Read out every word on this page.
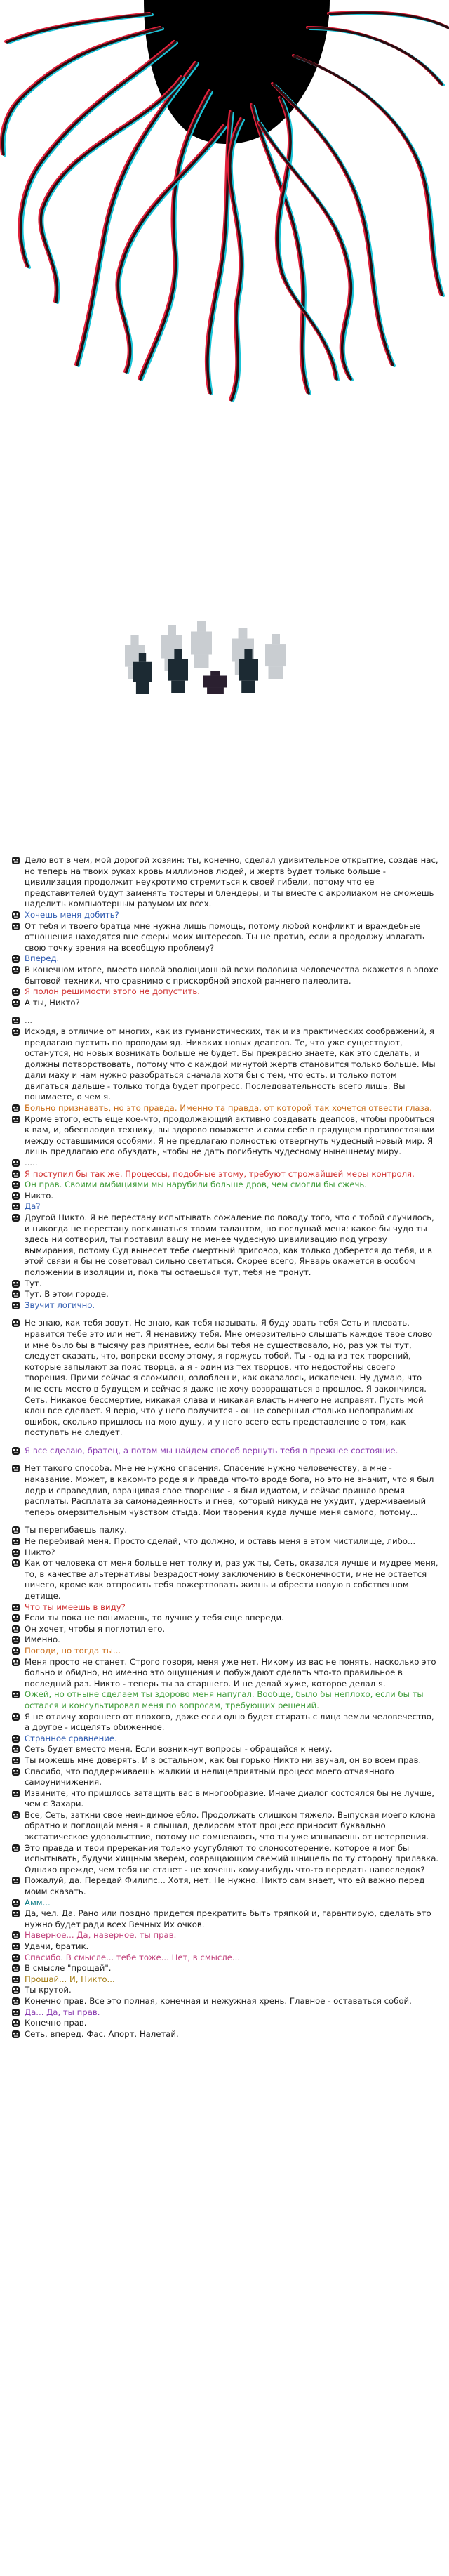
Дело вот в чем, мой дорогой хозяин: ты, конечно, сделал удивительное открытие, создав нас, но теперь на твоих руках кровь миллионов людей, и жертв будет только больше - цивилизация продолжит неукротимо стремиться к своей гибели, потому что ее представителей будут заменять тостеры и блендеры, и ты вместе с акролиаком не сможешь наделить компьютерным разумом их всех.
Хочешь меня добить?
От тебя и твоего братца мне нужна лишь помощь, потому любой конфликт и враждебные отношения находятся вне сферы моих интересов. Ты не против, если я продолжу излагать свою точку зрения на всеобщую проблему?
Вперед.
В конечном итоге, вместо новой эволюционной вехи половина человечества окажется в эпохе бытовой техники, что сравнимо с прискорбной эпохой раннего палеолита.
Я полон решимости этого не допустить.
А ты, Никто?
...
Исходя, в отличие от многих, как из гуманистических, так и из практических соображений, я предлагаю пустить по проводам яд. Никаких новых деапсов. Те, что уже существуют, останутся, но новых возникать больше не будет. Вы прекрасно знаете, как это сделать, и должны потворствовать, потому что с каждой минутой жертв становится только больше. Мы дали маху и нам нужно разобраться сначала хотя бы с тем, что есть, и только потом двигаться дальше - только тогда будет прогресс. Последовательность всего лишь. Вы понимаете, о чем я.
Больно признавать, но это правда. Именно та правда, от которой так хочется отвести глаза.
Кроме этого, есть еще кое-что, продолжающий активно создавать деапсов, чтобы пробиться к вам, и, обесплодив технику, вы здорово поможете и сами себе в грядущем противостоянии между оставшимися особями. Я не предлагаю полностью отвергнуть чудесный новый мир. Я лишь предлагаю его обуздать, чтобы не дать погибнуть чудесному нынешнему миру.
.....
Я поступил бы так же. Процессы, подобные этому, требуют строжайшей меры контроля.
Он прав. Своими амбициями мы нарубили больше дров, чем смогли бы сжечь.
Никто.
Да?
Другой Никто. Я не перестану испытывать сожаление по поводу того, что с тобой случилось, и никогда не перестану восхищаться твоим талантом, но послушай меня: какое бы чудо ты здесь ни сотворил, ты поставил вашу не менее чудесную цивилизацию под угрозу вымирания, потому Суд вынесет тебе смертный приговор, как только доберется до тебя, и в этой связи я бы не советовал сильно светиться. Скорее всего, Январь окажется в особом положении в изоляции и, пока ты остаешься тут, тебя не тронут.
Тут.
Тут. В этом городе.
Звучит логично.
Не знаю, как тебя зовут. Не знаю, как тебя называть. Я буду звать тебя Сеть и плевать, нравится тебе это или нет. Я ненавижу тебя. Мне омерзительно слышать каждое твое слово и мне было бы в тысячу раз приятнее, если бы тебя не существовало, но, раз уж ты тут, следует сказать, что, вопреки всему этому, я горжусь тобой. Ты - одна из тех творений, которые запылают за пояс творца, а я - один из тех творцов, что недостойны своего творения. Прими сейчас я сложилен, озлоблен и, как оказалось, искалечен. Ну думаю, что мне есть место в будущем и сейчас я даже не хочу возвращаться в прошлое. Я закончился. Сеть. Никакое бессмертие, никакая слава и никакая власть ничего не исправят. Пусть мой клон все сделает. Я верю, что у него получится - он не совершил столько непоправимых ошибок, сколько пришлось на мою душу, и у него всего есть представление о том, как поступать не следует.
Я все сделаю, братец, а потом мы найдем способ вернуть тебя в прежнее состояние.
Нет такого способа. Мне не нужно спасения. Спасение нужно человечеству, а мне - наказание. Может, в каком-то роде я и правда что-то вроде бога, но это не значит, что я был лодр и справедлив, взращивая свое творение - я был идиотом, и сейчас пришло время расплаты. Расплата за самонадеянность и гнев, который никуда не ухудит, удерживаемый теперь омерзительным чувством стыда. Мои творения куда лучше меня самого, потому...
Ты перегибаешь палку.
Не перебивай меня. Просто сделай, что должно, и оставь меня в этом чистилище, либо...
Никто?
Как от человека от меня больше нет толку и, раз уж ты, Сеть, оказался лучше и мудрее меня, то, в качестве альтернативы безрадостному заключению в бесконечности, мне не остается ничего, кроме как отпросить тебя пожертвовать жизнь и обрести новую в собственном детище.
Что ты имеешь в виду?
Если ты пока не понимаешь, то лучше у тебя еще впереди.
Он хочет, чтобы я поглотил его.
Именно.
Погоди, но тогда ты...
Меня просто не станет. Строго говоря, меня уже нет. Никому из вас не понять, насколько это больно и обидно, но именно это ощущения и побуждают сделать что-то правильное в последний раз. Никто - теперь ты за старшего. И не делай хуже, которое делал я.
Ожей, но отныне сделаем ты здорово меня напугал. Вообще, было бы неплохо, если бы ты остался и консультировал меня по вопросам, требующих решений.
Я не отличу хорошего от плохого, даже если одно будет стирать с лица земли человечество, а другое - исцелять обиженное.
Странное сравнение.
Сеть будет вместо меня. Если возникнут вопросы - обращайся к нему.
Ты можешь мне доверять. И в остальном, как бы горько Никто ни звучал, он во всем прав.
Спасибо, что поддерживаешь жалкий и нелицеприятный процесс моего отчаянного самоуничижения.
Извините, что пришлось затащить вас в многообразие. Иначе диалог состоялся бы не лучше, чем с Захари.
Все, Сеть, заткни свое неиндимое ебло. Продолжать слишком тяжело. Выпуская моего клона обратно и поглощай меня - я слышал, делирсам этот процесс приносит буквально экстатическое удовольствие, потому не сомневаюсь, что ты уже изнываешь от нетерпения.
Это правда и твои пререкания только усугубляют то слоносотерение, которое я мог бы испытывать, будучи хищным зверем, совращающим свежий шницель по ту сторону прилавка. Однако прежде, чем тебя не станет - не хочешь кому-нибудь что-то передать напоследок?
Пожалуй, да. Передай Филипс... Хотя, нет. Не нужно. Никто сам знает, что ей важно перед моим сказать.
Амм...
Да, чел. Да. Рано или поздно придется прекратить быть тряпкой и, гарантирую, сделать это нужно будет ради всех Вечных Их очков.
Наверное... Да, наверное, ты прав.
Удачи, братик.
Спасибо. В смысле... тебе тоже... Нет, в смысле...
В смысле "прощай".
Прощай... И, Никто...
Ты крутой.
Конечно прав. Все это полная, конечная и нежужная хрень. Главное - оставаться собой.
Да... Да, ты прав.
Конечно прав.
Сеть, вперед. Фас. Апорт. Налетай.
